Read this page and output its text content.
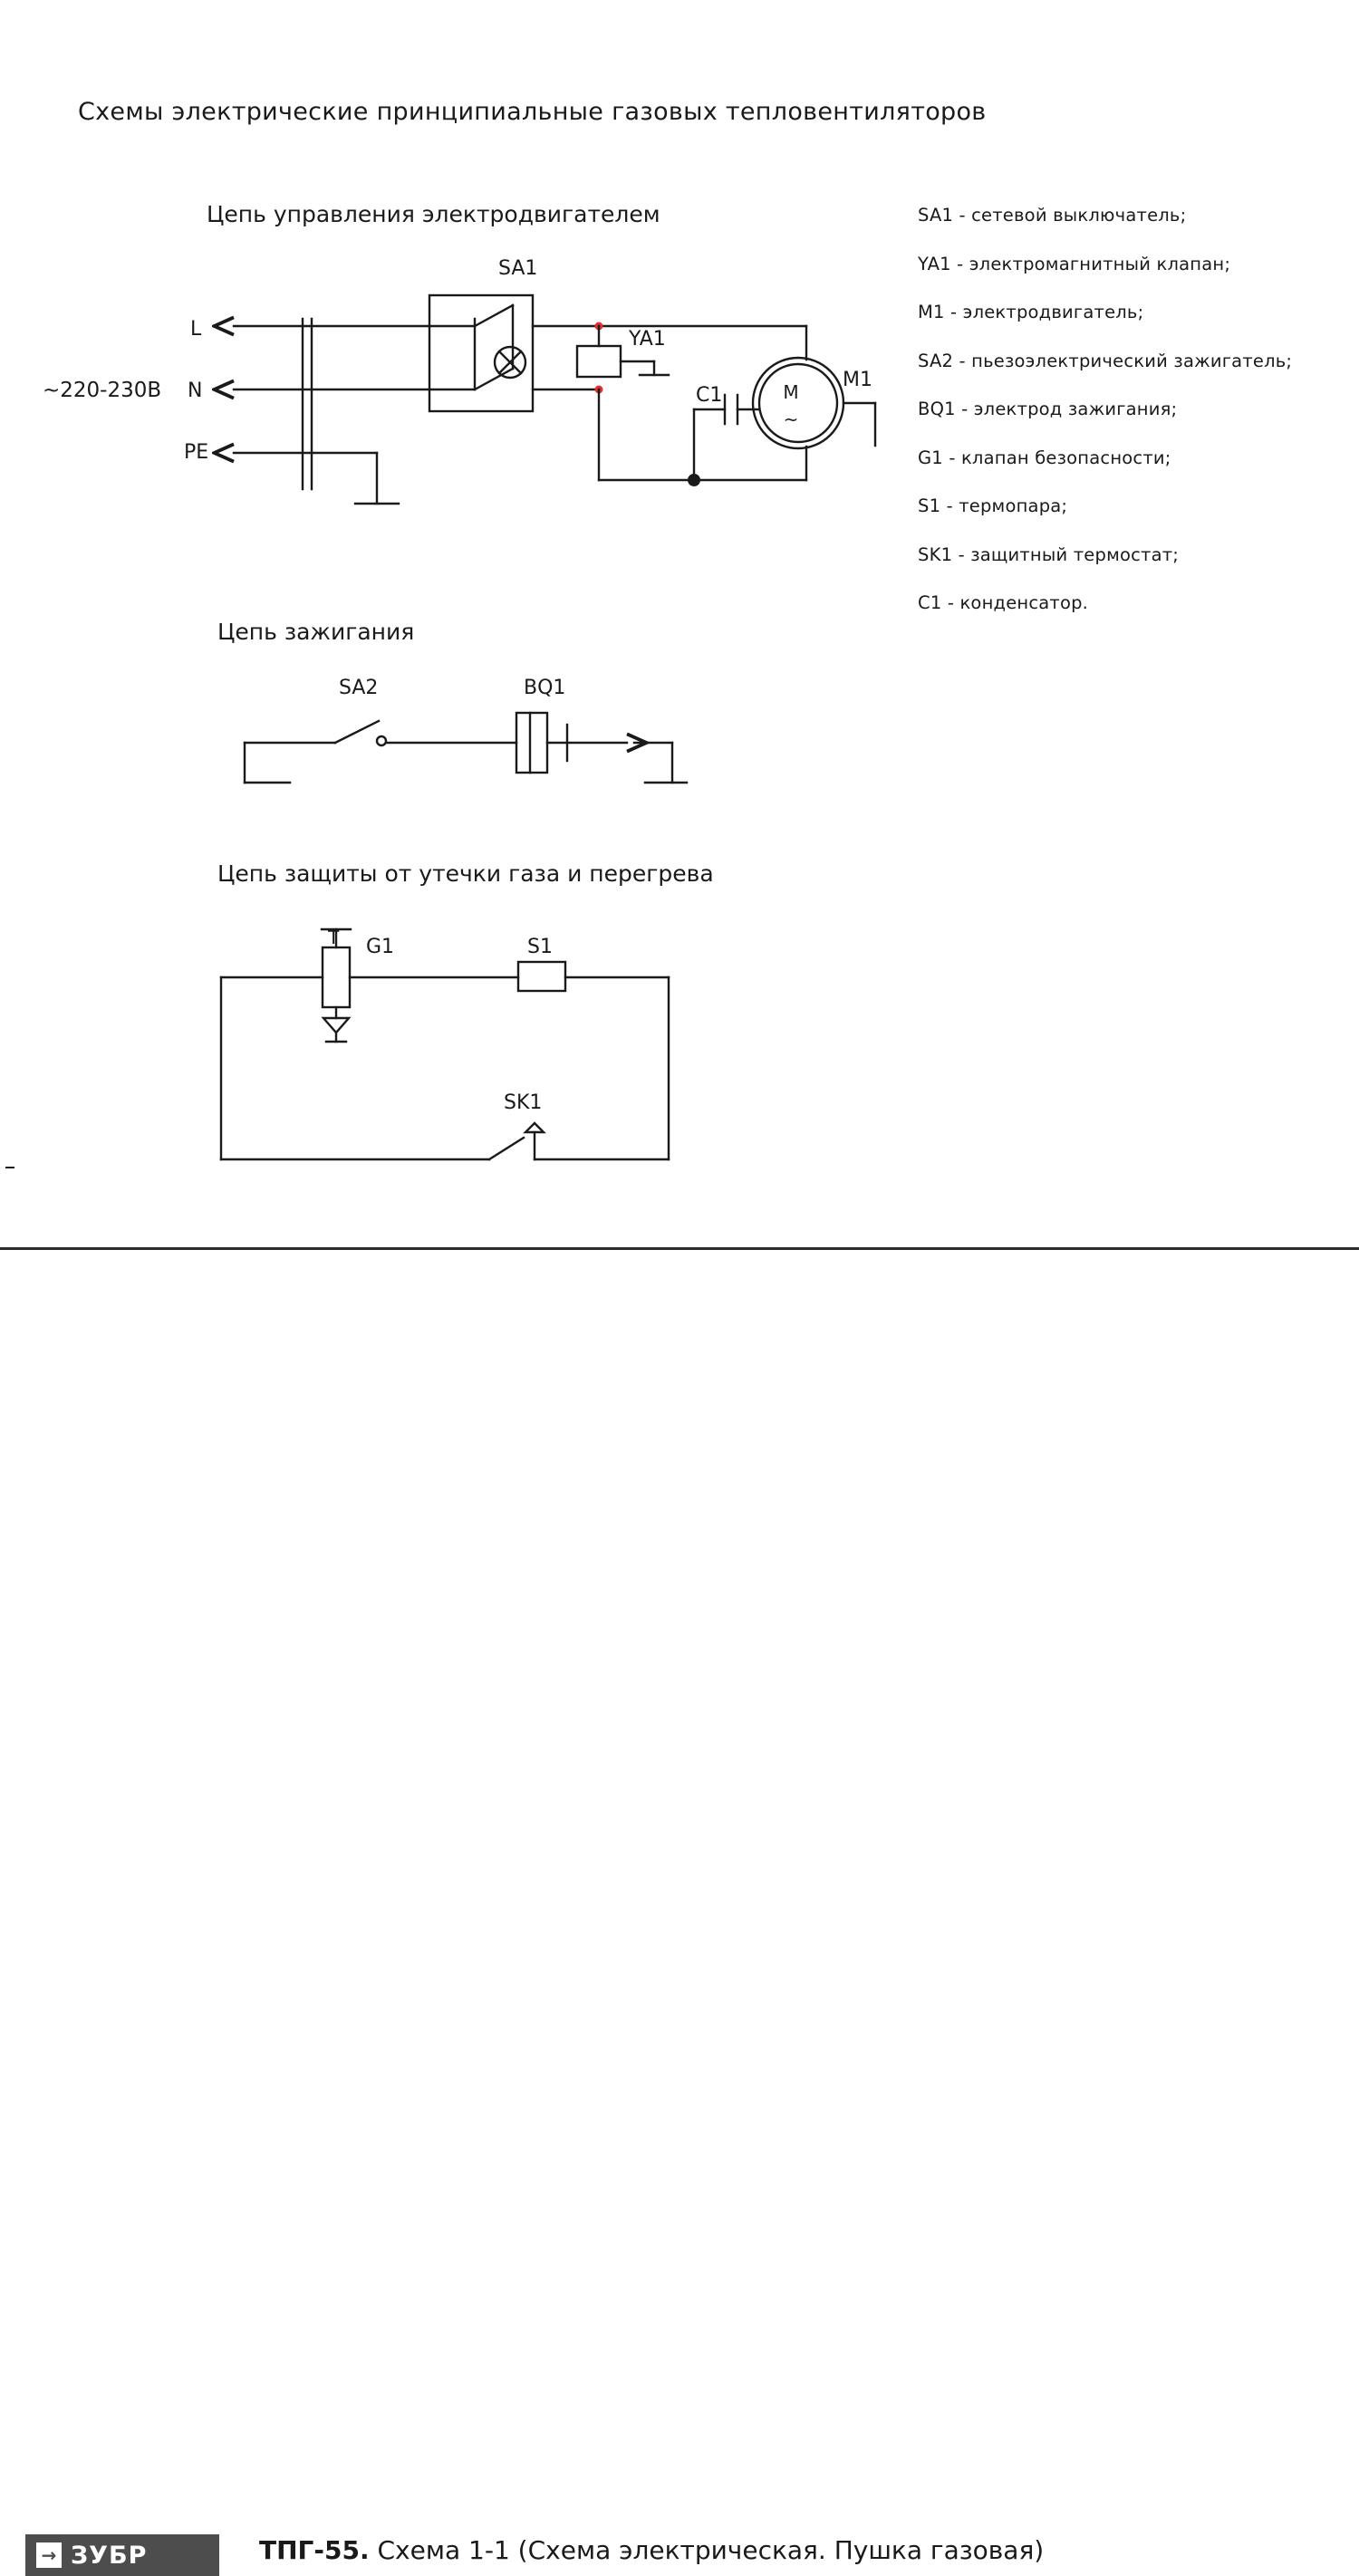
Схемы электрические принципиальные газовых тепловентиляторов
Цепь управления электродвигателем
Цепь зажигания
Цепь защиты от утечки газа и перегрева
SA1 - сетевой выключатель;
YA1 - электромагнитный клапан;
M1 - электродвигатель;
SA2 - пьезоэлектрический зажигатель;
BQ1 - электрод зажигания;
G1 - клапан безопасности;
S1 - термопара;
SK1 - защитный термостат;
C1 - конденсатор.
~220-230В
L
N
PE
SA1
YA1
C1	M
~
M1
SA2	BQ1
T G1	S1
SK1
→ ЗУБР	ТПГ-55. Схема 1-1 (Схема электрическая. Пушка газовая)
